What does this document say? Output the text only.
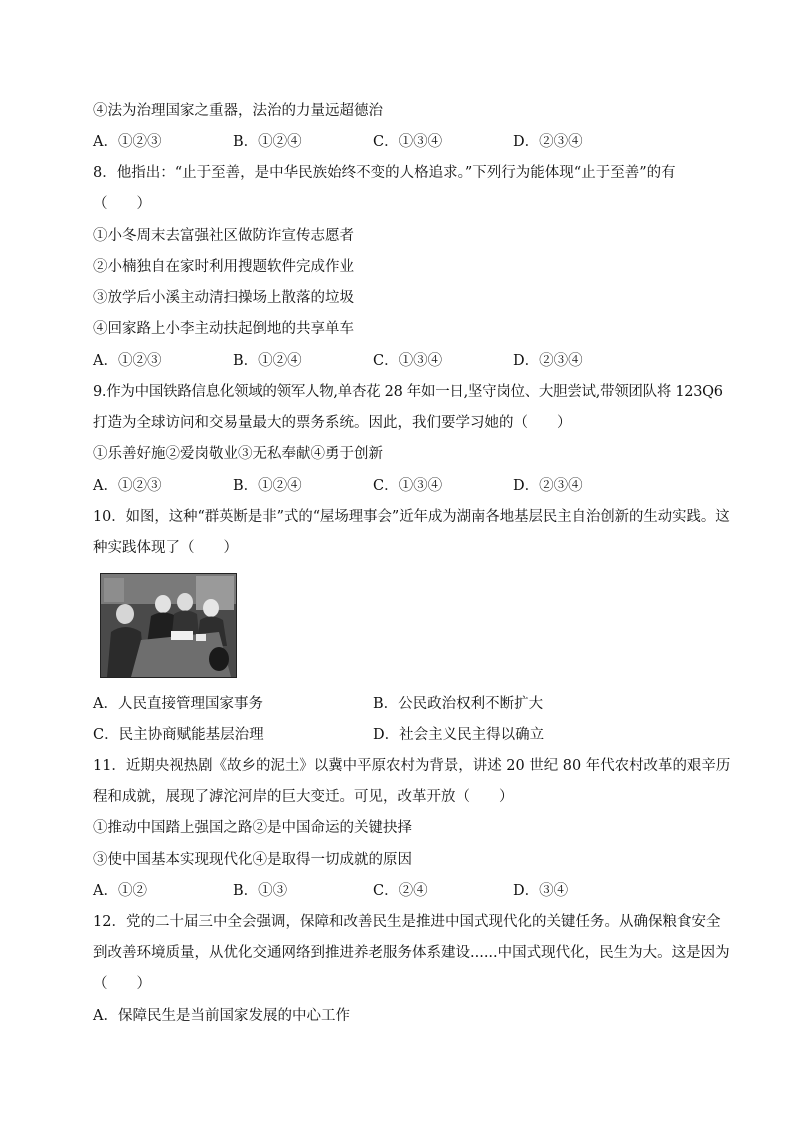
④法为治理国家之重器，法治的力量远超德治
A．①②③	B．①②④	C．①③④	D．②③④
8．他指出：“止于至善，是中华民族始终不变的人格追求。”下列行为能体现“止于至善”的有
（　　）
①小冬周末去富强社区做防诈宣传志愿者
②小楠独自在家时利用搜题软件完成作业
③放学后小溪主动清扫操场上散落的垃圾
④回家路上小李主动扶起倒地的共享单车
A．①②③	B．①②④	C．①③④	D．②③④
9.作为中国铁路信息化领域的领军人物,单杏花 28 年如一日,坚守岗位、大胆尝试,带领团队将 123Q6
打造为全球访问和交易量最大的票务系统。因此，我们要学习她的（　　）
①乐善好施②爱岗敬业③无私奉献④勇于创新
A．①②③	B．①②④	C．①③④	D．②③④
10．如图，这种“群英断是非”式的“屋场理事会”近年成为湖南各地基层民主自治创新的生动实践。这
种实践体现了（　　）
A．人民直接管理国家事务	B．公民政治权利不断扩大
C．民主协商赋能基层治理	D．社会主义民主得以确立
11．近期央视热剧《故乡的泥土》以冀中平原农村为背景，讲述 20 世纪 80 年代农村改革的艰辛历
程和成就，展现了滹沱河岸的巨大变迁。可见，改革开放（　　）
①推动中国踏上强国之路②是中国命运的关键抉择
③使中国基本实现现代化④是取得一切成就的原因
A．①②	B．①③	C．②④	D．③④
12．党的二十届三中全会强调，保障和改善民生是推进中国式现代化的关键任务。从确保粮食安全
到改善环境质量，从优化交通网络到推进养老服务体系建设......中国式现代化，民生为大。这是因为
（　　）
A．保障民生是当前国家发展的中心工作
